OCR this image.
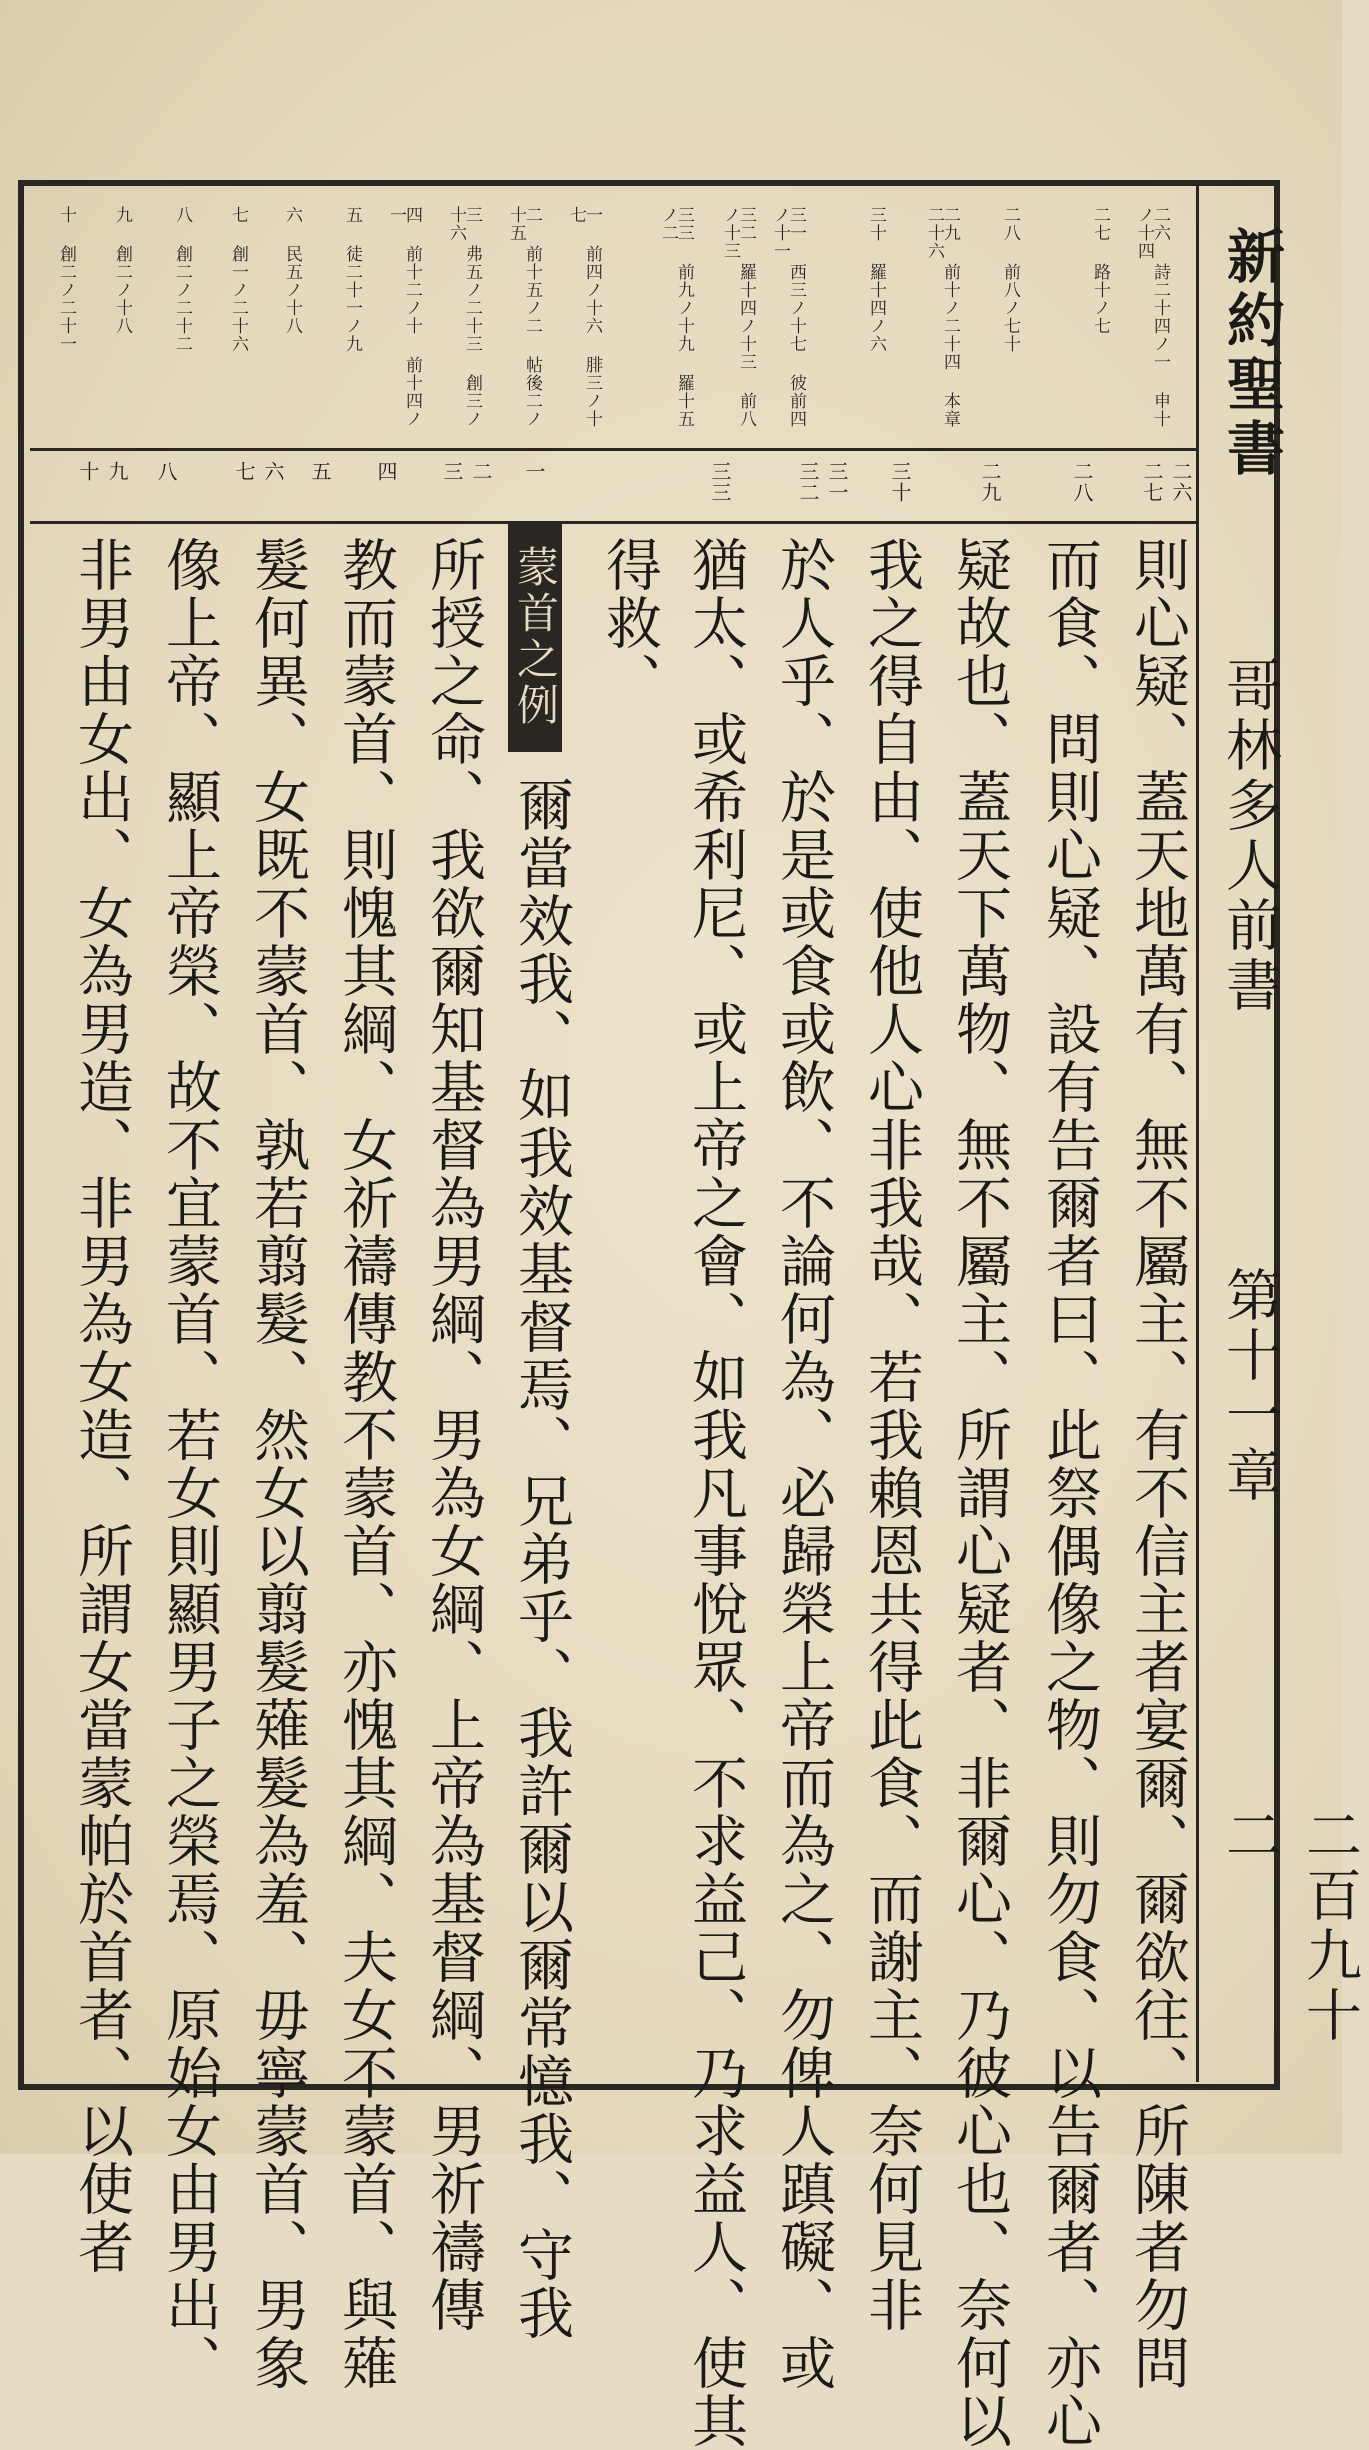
新約聖書
哥林多人前書
第十一章
二百九十二
二六 詩二十四ノ一 申十ノ十四
二七 路十ノ七
二八 前八ノ七十
二九 前十ノ二十四 本章二十六
三十 羅十四ノ六
三一 西三ノ十七 彼前四ノ十一
三二 羅十四ノ十三 前八ノ十三
三三 前九ノ十九 羅十五ノ二
一 前四ノ十六 腓三ノ十七
二 前十五ノ二 帖後二ノ十五
三 弗五ノ二十三 創三ノ十六
四 前十二ノ十 前十四ノ一
五 徒二十一ノ九
六 民五ノ十八
七 創一ノ二十六
八 創二ノ二十二
九 創二ノ十八
十 創二ノ二十一
二六 二七
二八
二九
三十
三一 三二
三三
一
二 三
四
五
六 七
八
九 十
則心疑、蓋天地萬有、無不屬主、有不信主者宴爾、爾欲往、所陳者勿問
而食、問則心疑、設有告爾者曰、此祭偶像之物、則勿食、以告爾者、亦心
疑故也、蓋天下萬物、無不屬主、所謂心疑者、非爾心、乃彼心也、奈何以
我之得自由、使他人心非我哉、若我賴恩共得此食、而謝主、奈何見非
於人乎、於是或食或飲、不論何為、必歸榮上帝而為之、勿俾人蹎礙、或
猶太、或希利尼、或上帝之會、如我凡事悅眾、不求益己、乃求益人、使其
得救、
爾當效我、如我效基督焉、兄弟乎、我許爾以爾常憶我、守我
所授之命、我欲爾知基督為男綱、男為女綱、上帝為基督綱、男祈禱傳
教而蒙首、則愧其綱、女祈禱傳教不蒙首、亦愧其綱、夫女不蒙首、與薙
髮何異、女既不蒙首、孰若翦髮、然女以翦髮薙髮為羞、毋寧蒙首、男象
像上帝、顯上帝榮、故不宜蒙首、若女則顯男子之榮焉、原始女由男出、
非男由女出、女為男造、非男為女造、所謂女當蒙帕於首者、以使者	蒙首之例
